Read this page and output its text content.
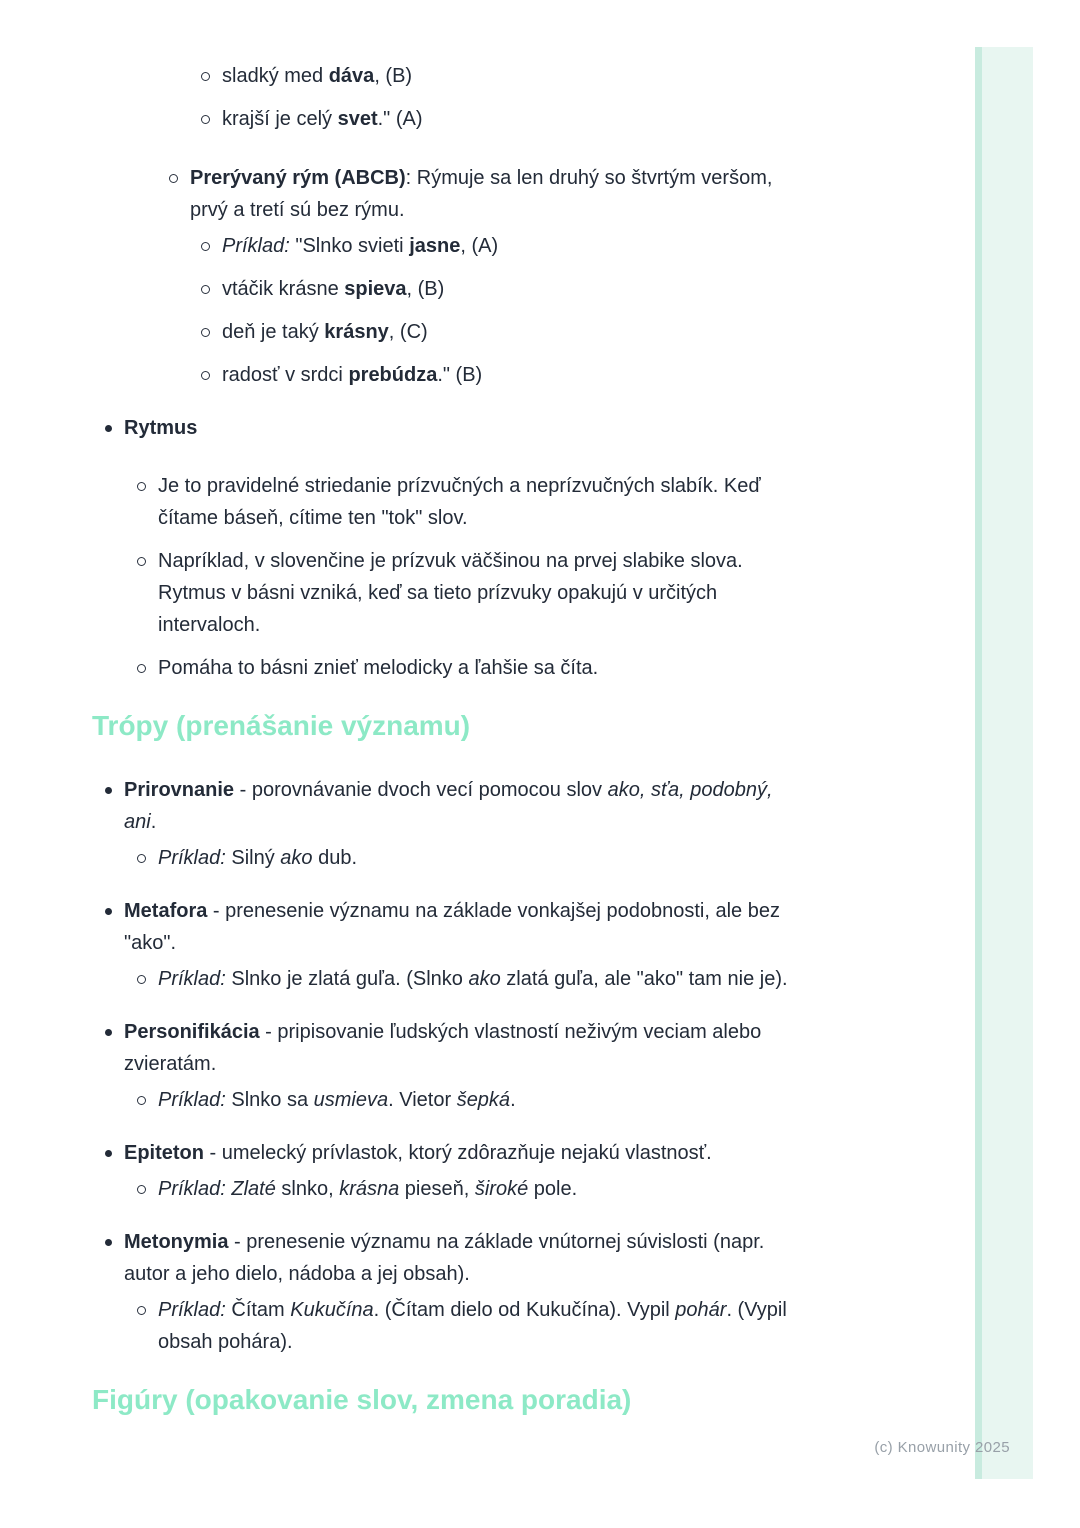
sladký med dáva, (B)
krajší je celý svet." (A)
Prerývaný rým (ABCB): Rýmuje sa len druhý so štvrtým veršom,
prvý a tretí sú bez rýmu.
Príklad: "Slnko svieti jasne, (A)
vtáčik krásne spieva, (B)
deň je taký krásny, (C)
radosť v srdci prebúdza." (B)
Rytmus
Je to pravidelné striedanie prízvučných a neprízvučných slabík. Keď
čítame báseň, cítime ten "tok" slov.
Napríklad, v slovenčine je prízvuk väčšinou na prvej slabike slova.
Rytmus v básni vzniká, keď sa tieto prízvuky opakujú v určitých
intervaloch.
Pomáha to básni znieť melodicky a ľahšie sa číta.
Trópy (prenášanie významu)
Prirovnanie - porovnávanie dvoch vecí pomocou slov ako, sťa, podobný,
ani.
Príklad: Silný ako dub.
Metafora - prenesenie významu na základe vonkajšej podobnosti, ale bez
"ako".
Príklad: Slnko je zlatá guľa. (Slnko ako zlatá guľa, ale "ako" tam nie je).
Personifikácia - pripisovanie ľudských vlastností neživým veciam alebo
zvieratám.
Príklad: Slnko sa usmieva. Vietor šepká.
Epiteton - umelecký prívlastok, ktorý zdôrazňuje nejakú vlastnosť.
Príklad: Zlaté slnko, krásna pieseň, široké pole.
Metonymia - prenesenie významu na základe vnútornej súvislosti (napr.
autor a jeho dielo, nádoba a jej obsah).
Príklad: Čítam Kukučína. (Čítam dielo od Kukučína). Vypil pohár. (Vypil
obsah pohára).
Figúry (opakovanie slov, zmena poradia)
(c) Knowunity 2025
